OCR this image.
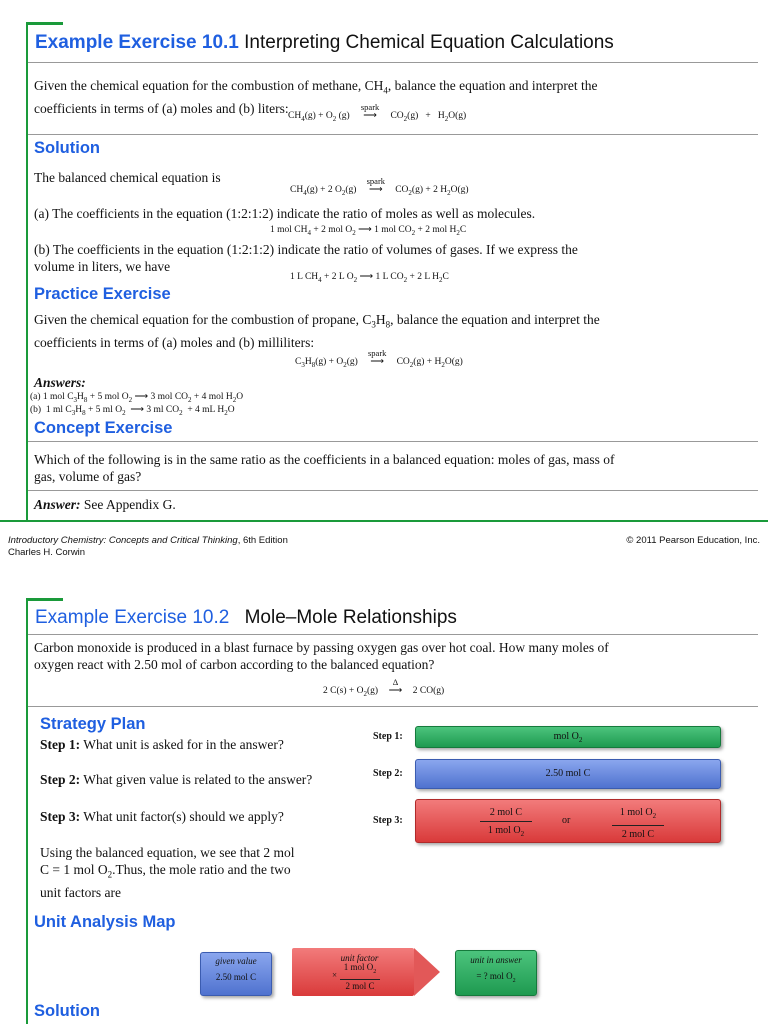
Example Exercise 10.1 Interpreting Chemical Equation Calculations
Given the chemical equation for the combustion of methane, $CH_4$, balance the equation and interpret the
coefficients in terms of (a) moles and (b) liters:
$CH_4(g) + O_2$ (g)
spark
⟶ $CO_2(g) + H_2O(g)$
Solution
The balanced chemical equation is
$CH_4(g) + 2$ $O_2(g)$
spark
⟶ $CO_2(g) + 2$ $H_2O(g)$
(a) The coefficients in the equation (1:2:1:2) indicate the ratio of moles as well as molecules.
1 mol $CH_4 + 2$ mol $O_2$ ⟶ 1 mol $CO_2 + 2$ mol $H_2C$
(b) The coefficients in the equation (1:2:1:2) indicate the ratio of volumes of gases. If we express the
volume in liters, we have
1 L $CH_4 + 2$ L $O_2$ ⟶ 1 L $CO_2 + 2$ L $H_2C$
Practice Exercise
Given the chemical equation for the combustion of propane, $C_3H_8$, balance the equation and interpret the
coefficients in terms of (a) moles and (b) milliliters:
$C_3H_8(g) + O_2(g)$
spark
⟶ $CO_2(g) + H_2O(g)$
Answers:
(a) 1 mol $C_3H_8 + 5$ mol $O_2$ ⟶ 3 mol $CO_2 + 4$ mol $H_2O$
(b)  1 ml $C_3H_8 + 5$ ml $O_2$  ⟶ 3 ml $CO_2 + 4$ mL $H_2O$
Concept Exercise
Which of the following is in the same ratio as the coefficients in a balanced equation: moles of gas, mass of
gas, volume of gas?
Answer: See Appendix G.
Introductory Chemistry: Concepts and Critical Thinking, 6th Edition
Charles H. Corwin
© 2011 Pearson Education, Inc.
Example Exercise 10.2 Mole–Mole Relationships
Carbon monoxide is produced in a blast furnace by passing oxygen gas over hot coal. How many moles of
oxygen react with 2.50 mol of carbon according to the balanced equation?
2 $C(s) + O_2(g)$
Δ
⟶ 2 CO(g)
Strategy Plan
Step 1: What unit is asked for in the answer?
Step 2: What given value is related to the answer?
Step 3: What unit factor(s) should we apply?
Step 1:	mol $O_2$
Step 2:	2.50 mol C
Step 3:
2 mol C
1 mol $O_2$
or
1 mol $O_2$
2 mol C
Using the balanced equation, we see that 2 mol
C = 1 mol $O_2.Thus$, the mole ratio and the two
unit factors are
Unit Analysis Map
given value
2.50 mol C
unit factor
×
1 mol $O_2$
2 mol C
unit in answer
= ? mol $O_2$
Solution
